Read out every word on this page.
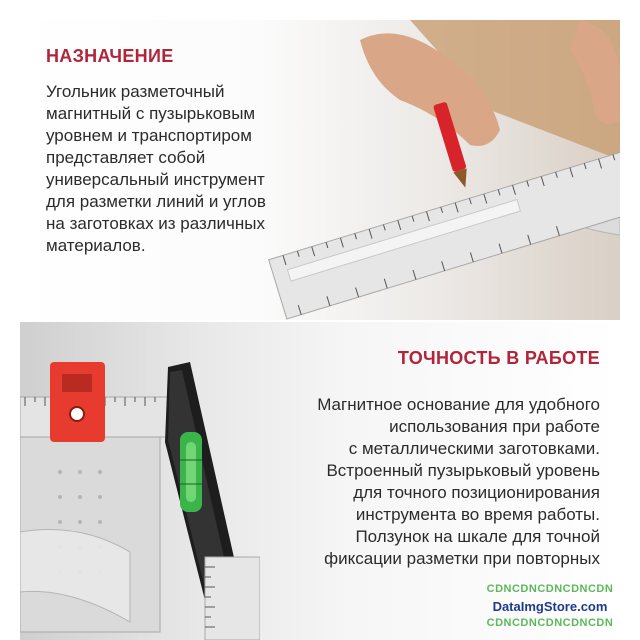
НАЗНАЧЕНИЕ
Угольник разметочный
магнитный с пузырьковым
уровнем и транспортиром
представляет собой
универсальный инструмент
для разметки линий и углов
на заготовках из различных
материалов.
ТОЧНОСТЬ В РАБОТЕ
Магнитное основание для удобного
использования при работе
с металлическими заготовками.
Встроенный пузырьковый уровень
для точного позиционирования
инструмента во время работы.
Ползунок на шкале для точной
фиксации разметки при повторных
CDNCDNCDNCDNCDN
DataImgStore.com
CDNCDNCDNCDNCDN
